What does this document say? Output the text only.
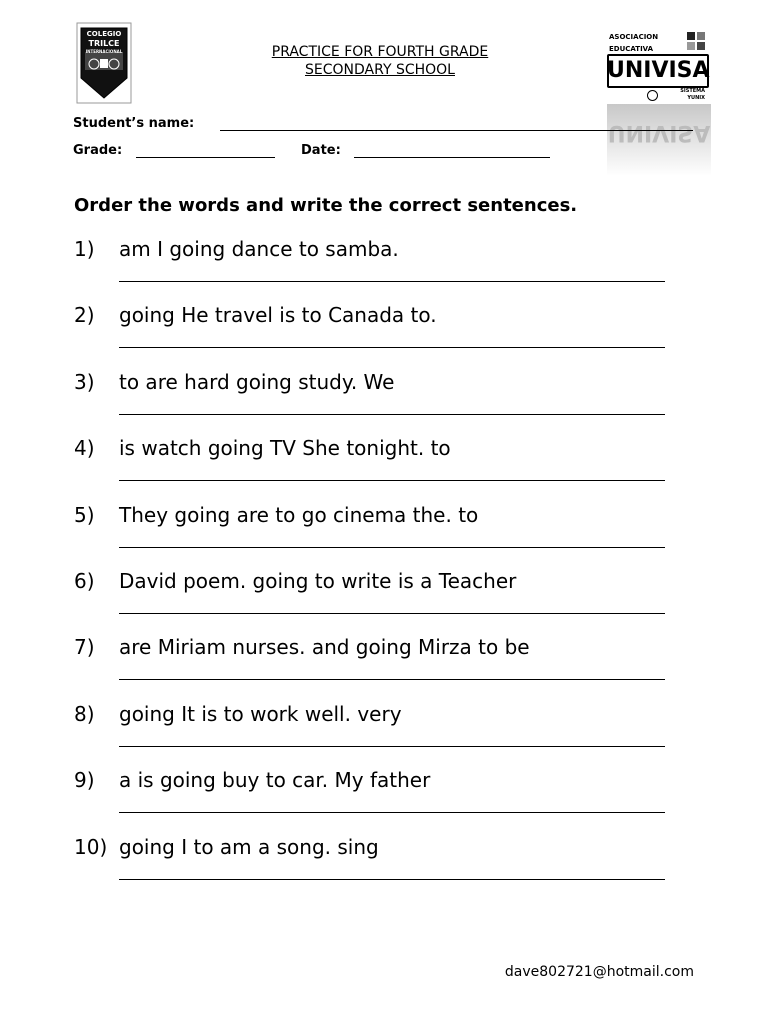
COLEGIO
TRILCE
INTERNACIONAL	PRACTICE FOR FOURTH GRADE
SECONDARY SCHOOL
ASOCIACION
EDUCATIVA
UNIVISA
SISTEMA
YUNIX
UNIVISA
Student’s name:
Grade:	Date:
Order the words and write the correct sentences.
1) am I going dance to samba.
2) going He travel is to Canada to.
3) to are hard going study. We
4) is watch going TV She tonight. to
5) They going are to go cinema the. to
6) David poem. going to write is a Teacher
7) are Miriam nurses. and going Mirza to be
8) going It is to work well. very
9) a is going buy to car. My father
10) going I to am a song. sing
dave802721@hotmail.com
